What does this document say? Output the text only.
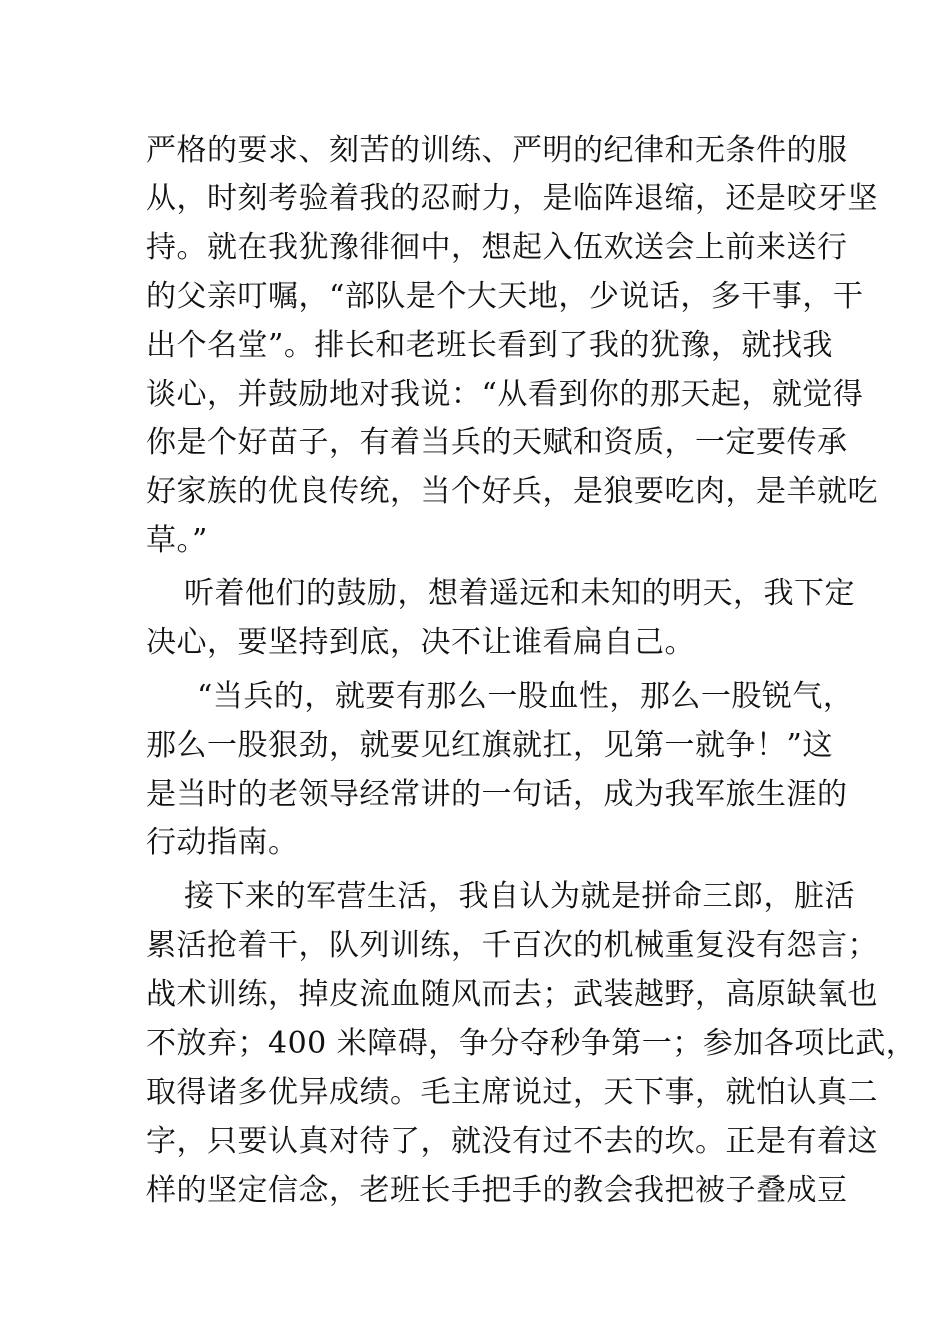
严格的要求、刻苦的训练、严明的纪律和无条件的服
从，时刻考验着我的忍耐力，是临阵退缩，还是咬牙坚
持。就在我犹豫徘徊中，想起入伍欢送会上前来送行
的父亲叮嘱，“部队是个大天地，少说话，多干事，干
出个名堂”。排长和老班长看到了我的犹豫，就找我
谈心，并鼓励地对我说：“从看到你的那天起，就觉得
你是个好苗子，有着当兵的天赋和资质，一定要传承
好家族的优良传统，当个好兵，是狼要吃肉，是羊就吃
草。”
听着他们的鼓励，想着遥远和未知的明天，我下定
决心，要坚持到底，决不让谁看扁自己。
“当兵的，就要有那么一股血性，那么一股锐气，
那么一股狠劲，就要见红旗就扛，见第一就争！”这
是当时的老领导经常讲的一句话，成为我军旅生涯的
行动指南。
接下来的军营生活，我自认为就是拼命三郎，脏活
累活抢着干，队列训练，千百次的机械重复没有怨言；
战术训练，掉皮流血随风而去；武装越野，高原缺氧也
不放弃；400 米障碍，争分夺秒争第一；参加各项比武，
取得诸多优异成绩。毛主席说过，天下事，就怕认真二
字，只要认真对待了，就没有过不去的坎。正是有着这
样的坚定信念，老班长手把手的教会我把被子叠成豆
